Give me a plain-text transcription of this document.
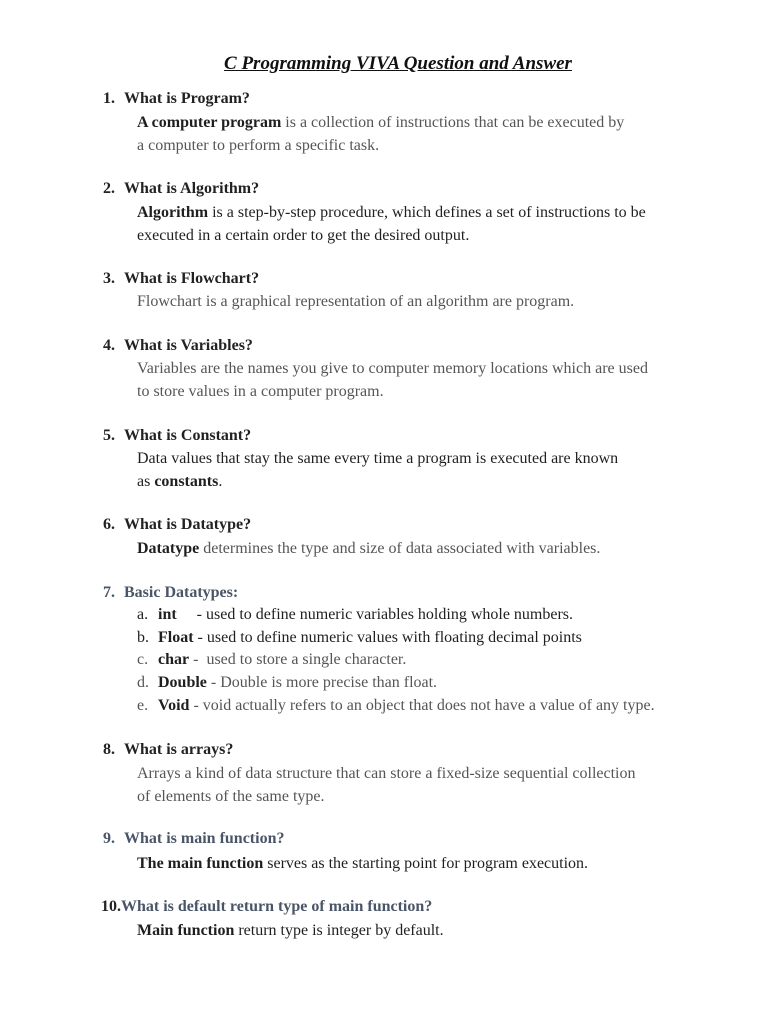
C Programming VIVA Question and Answer
1. What is Program?
A computer program is a collection of instructions that can be executed by
a computer to perform a specific task.
2. What is Algorithm?
Algorithm is a step-by-step procedure, which defines a set of instructions to be
executed in a certain order to get the desired output.
3. What is Flowchart?
Flowchart is a graphical representation of an algorithm are program.
4. What is Variables?
Variables are the names you give to computer memory locations which are used
to store values in a computer program.
5. What is Constant?
Data values that stay the same every time a program is executed are known
as constants.
6. What is Datatype?
Datatype determines the type and size of data associated with variables.
7. Basic Datatypes:
a. int     - used to define numeric variables holding whole numbers.
b. Float - used to define numeric values with floating decimal points
c. char -  used to store a single character.
d. Double - Double is more precise than float.
e. Void - void actually refers to an object that does not have a value of any type.
8. What is arrays?
Arrays a kind of data structure that can store a fixed-size sequential collection
of elements of the same type.
9. What is main function?
The main function serves as the starting point for program execution.
10.What is default return type of main function?
Main function return type is integer by default.
